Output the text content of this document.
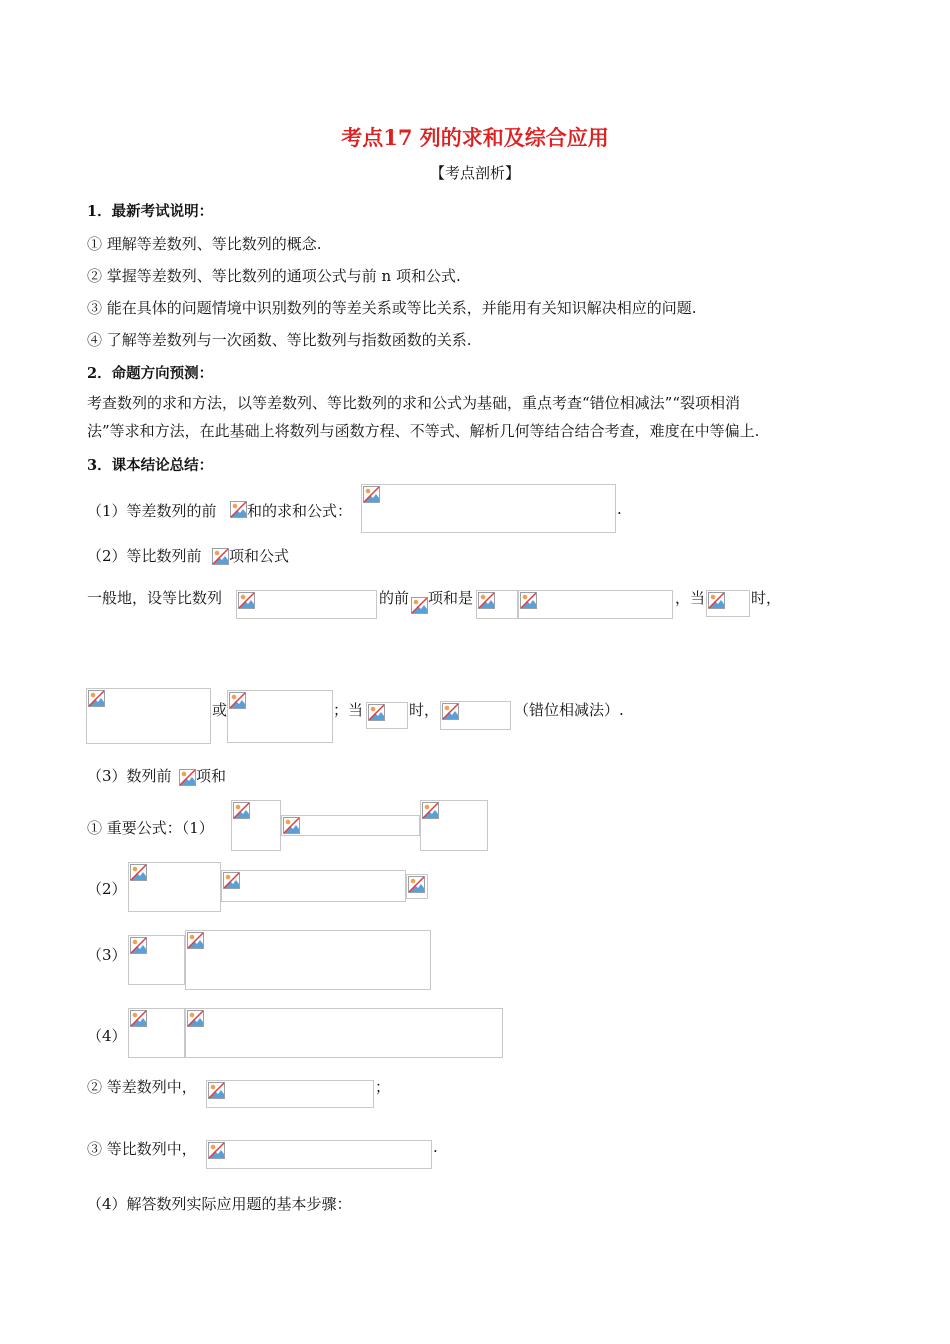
考点17 列的求和及综合应用
【考点剖析】
1．最新考试说明：
① 理解等差数列、等比数列的概念.
② 掌握等差数列、等比数列的通项公式与前 n 项和公式.
③ 能在具体的问题情境中识别数列的等差关系或等比关系，并能用有关知识解决相应的问题.
④ 了解等差数列与一次函数、等比数列与指数函数的关系.
2．命题方向预测：
考查数列的求和方法，以等差数列、等比数列的求和公式为基础，重点考查“错位相减法”“裂项相消
法”等求和方法，在此基础上将数列与函数方程、不等式、解析几何等结合结合考查，难度在中等偏上.
3．课本结论总结：
（1）等差数列的前 和的求和公式：	.
（2）等比数列前 项和公式
一般地，设等比数列	的前 项和是	，当	时，
或	；当	时，	（错位相减法）.
（3）数列前 项和
① 重要公式：（1）
（2）
（3）
（4）
② 等差数列中，	；
③ 等比数列中，	.
（4）解答数列实际应用题的基本步骤：
